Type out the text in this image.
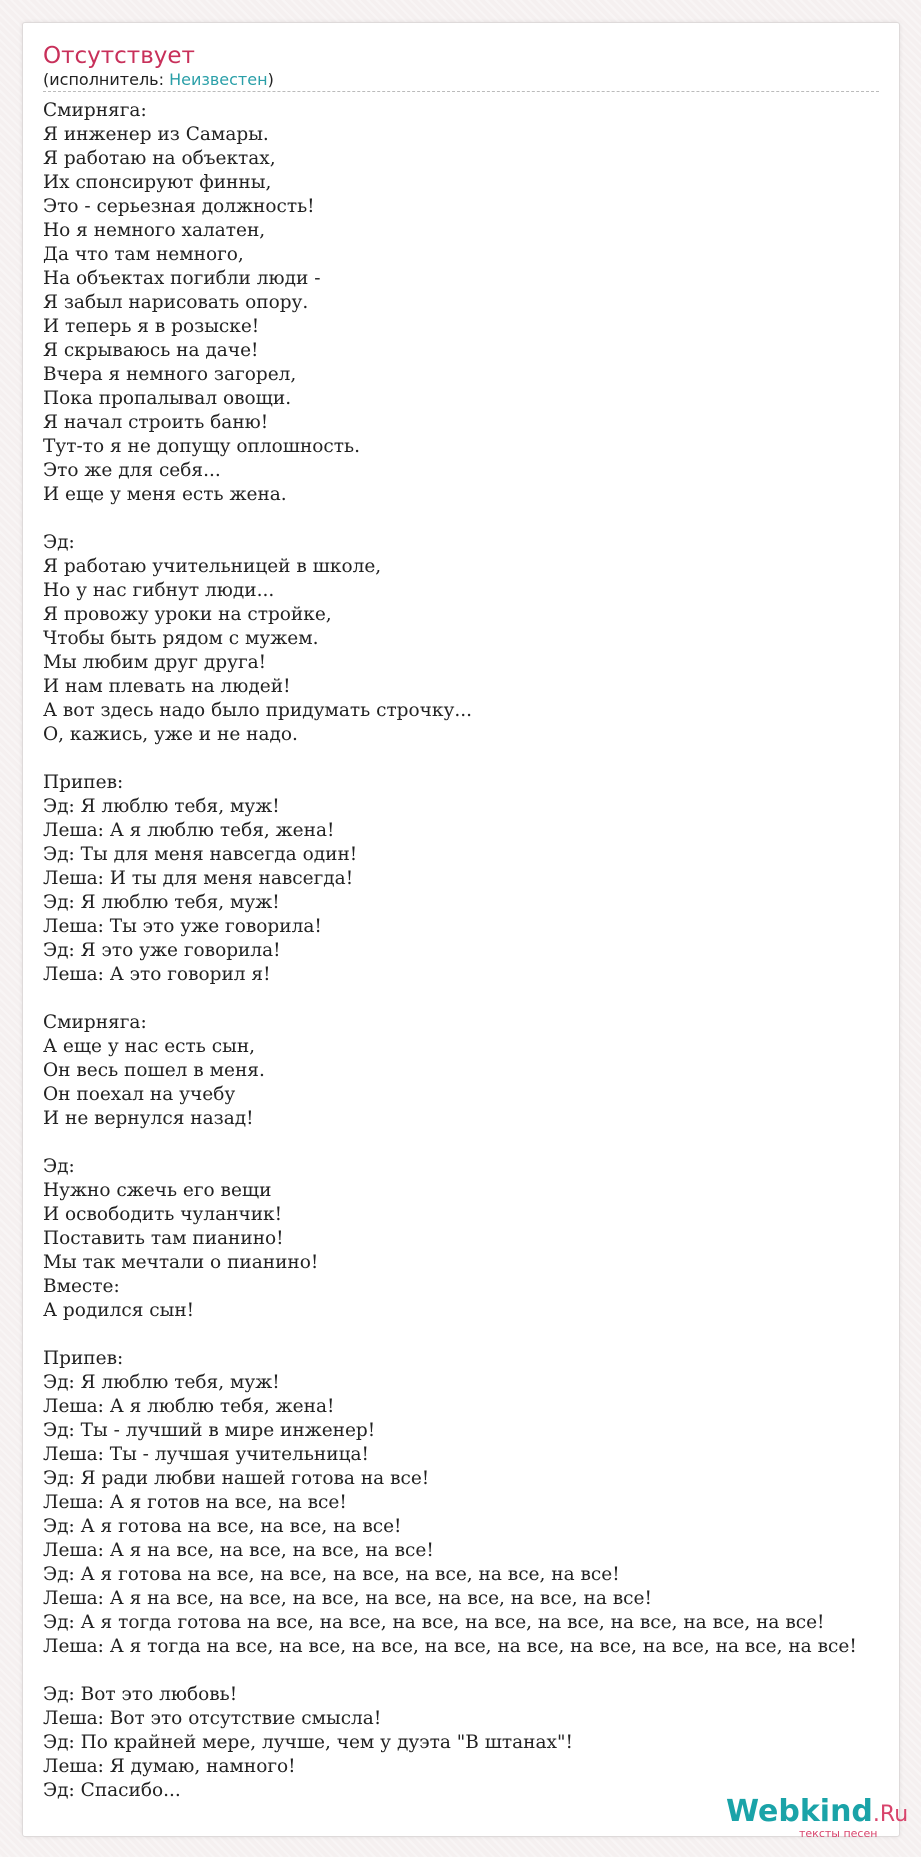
Отсутствует
(исполнитель: Неизвестен)
Смирняга:
Я инженер из Самары.
Я работаю на объектах,
Их спонсируют финны,
Это - серьезная должность!
Но я немного халатен,
Да что там немного,
На объектах погибли люди -
Я забыл нарисовать опору.
И теперь я в розыске!
Я скрываюсь на даче!
Вчера я немного загорел,
Пока пропалывал овощи.
Я начал строить баню!
Тут-то я не допущу оплошность.
Это же для себя...
И еще у меня есть жена.
Эд:
Я работаю учительницей в школе,
Но у нас гибнут люди...
Я провожу уроки на стройке,
Чтобы быть рядом с мужем.
Мы любим друг друга!
И нам плевать на людей!
А вот здесь надо было придумать строчку...
О, кажись, уже и не надо.
Припев:
Эд: Я люблю тебя, муж!
Леша: А я люблю тебя, жена!
Эд: Ты для меня навсегда один!
Леша: И ты для меня навсегда!
Эд: Я люблю тебя, муж!
Леша: Ты это уже говорила!
Эд: Я это уже говорила!
Леша: А это говорил я!
Смирняга:
А еще у нас есть сын,
Он весь пошел в меня.
Он поехал на учебу
И не вернулся назад!
Эд:
Нужно сжечь его вещи
И освободить чуланчик!
Поставить там пианино!
Мы так мечтали о пианино!
Вместе:
А родился сын!
Припев:
Эд: Я люблю тебя, муж!
Леша: А я люблю тебя, жена!
Эд: Ты - лучший в мире инженер!
Леша: Ты - лучшая учительница!
Эд: Я ради любви нашей готова на все!
Леша: А я готов на все, на все!
Эд: А я готова на все, на все, на все!
Леша: А я на все, на все, на все, на все!
Эд: А я готова на все, на все, на все, на все, на все, на все!
Леша: А я на все, на все, на все, на все, на все, на все, на все!
Эд: А я тогда готова на все, на все, на все, на все, на все, на все, на все, на все!
Леша: А я тогда на все, на все, на все, на все, на все, на все, на все, на все, на все!
Эд: Вот это любовь!
Леша: Вот это отсутствие смысла!
Эд: По крайней мере, лучше, чем у дуэта "В штанах"!
Леша: Я думаю, намного!
Эд: Спасибо...
Webkind.Ru
тексты песен
